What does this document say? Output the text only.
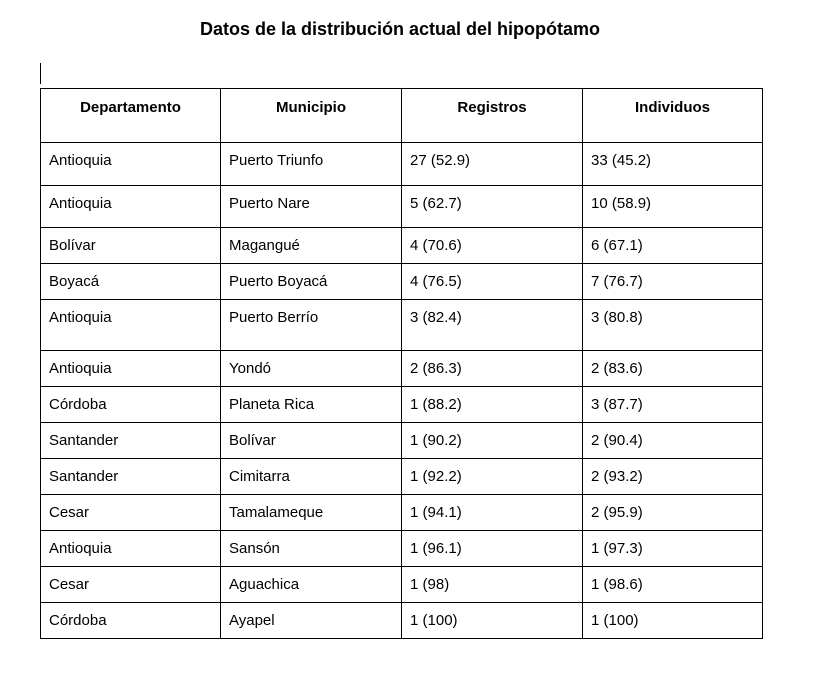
Datos de la distribución actual del hipopótamo
Departamento	Municipio	Registros	Individuos
Antioquia	Puerto Triunfo	27 (52.9)	33 (45.2)
Antioquia	Puerto Nare	5 (62.7)	10 (58.9)
Bolívar	Magangué	4 (70.6)	6 (67.1)
Boyacá	Puerto Boyacá	4 (76.5)	7 (76.7)
Antioquia	Puerto Berrío	3 (82.4)	3 (80.8)
Antioquia	Yondó	2 (86.3)	2 (83.6)
Córdoba	Planeta Rica	1 (88.2)	3 (87.7)
Santander	Bolívar	1 (90.2)	2 (90.4)
Santander	Cimitarra	1 (92.2)	2 (93.2)
Cesar	Tamalameque	1 (94.1)	2 (95.9)
Antioquia	Sansón	1 (96.1)	1 (97.3)
Cesar	Aguachica	1 (98)	1 (98.6)
Córdoba	Ayapel	1 (100)	1 (100)
